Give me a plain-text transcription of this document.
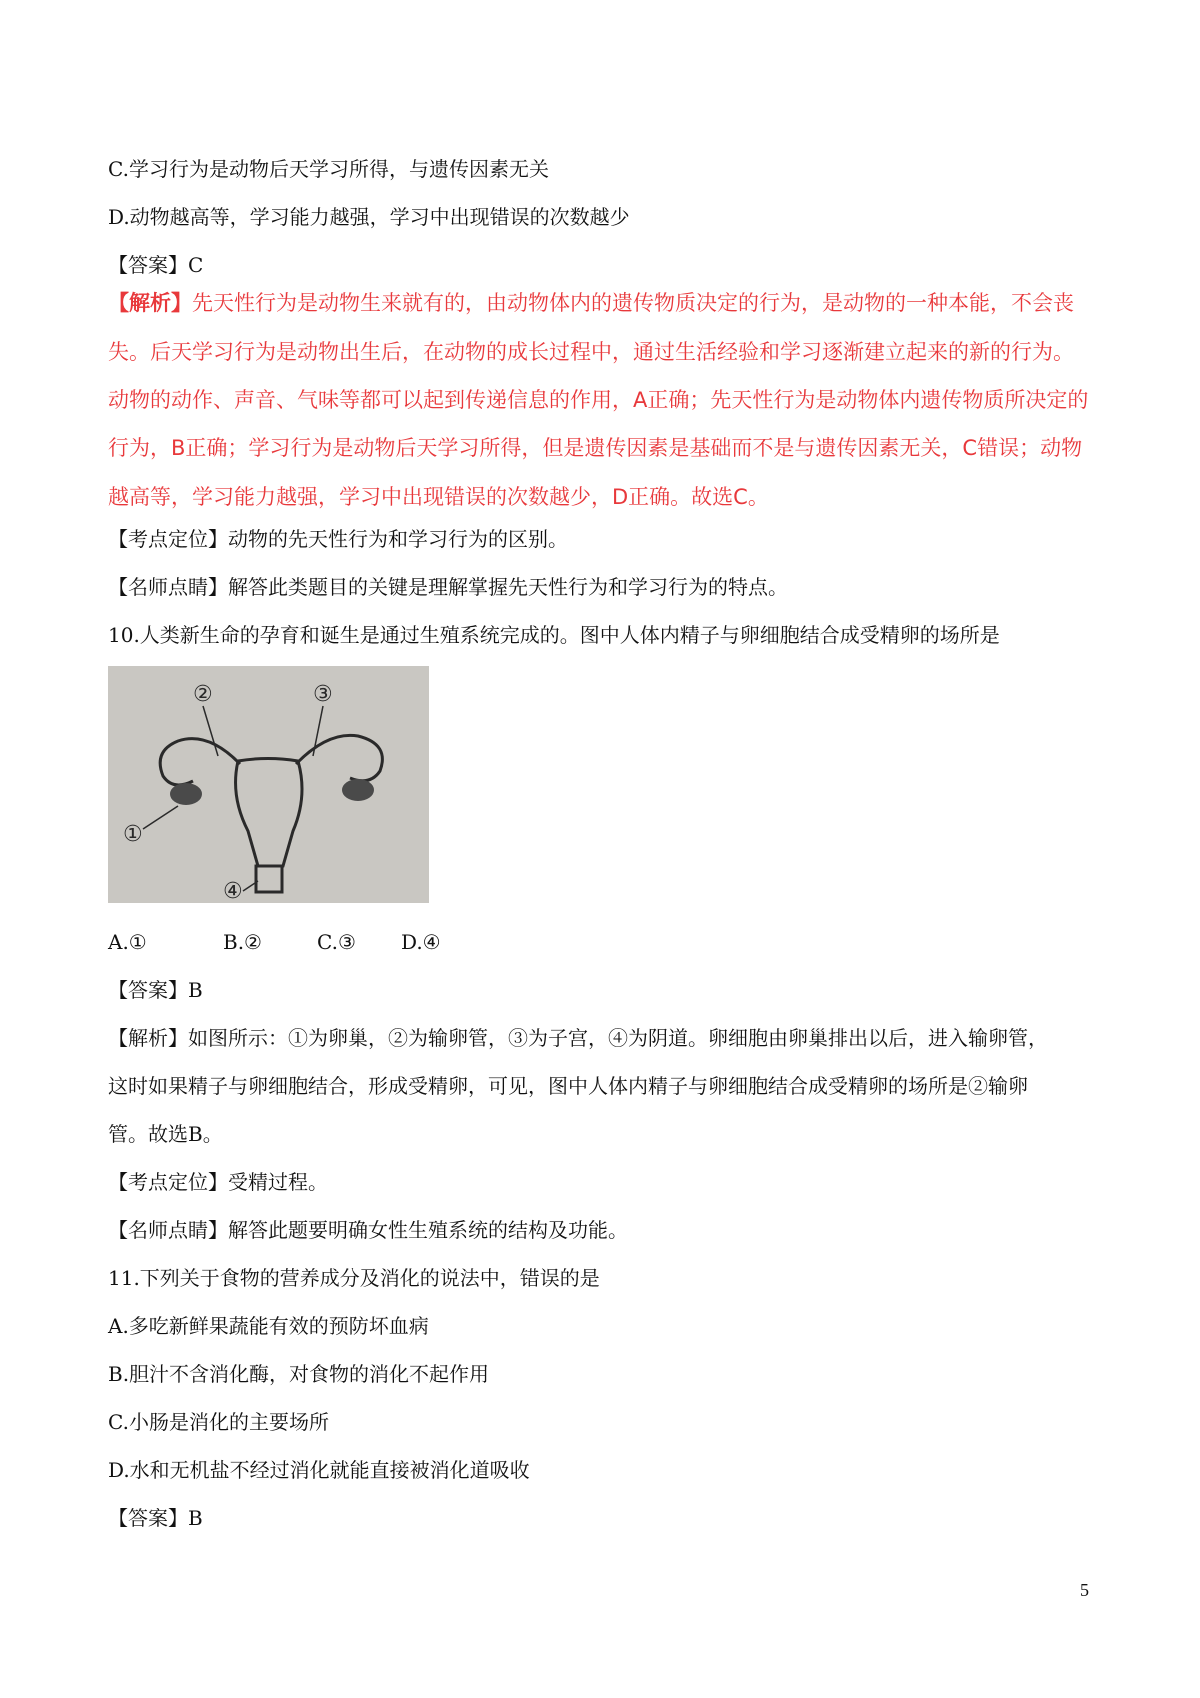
C.学习行为是动物后天学习所得，与遗传因素无关
D.动物越高等，学习能力越强，学习中出现错误的次数越少
【答案】C
【解析】先天性行为是动物生来就有的，由动物体内的遗传物质决定的行为，是动物的一种本能，不会丧
失。后天学习行为是动物出生后，在动物的成长过程中，通过生活经验和学习逐渐建立起来的新的行为。
动物的动作、声音、气味等都可以起到传递信息的作用，A正确；先天性行为是动物体内遗传物质所决定的
行为，B正确；学习行为是动物后天学习所得，但是遗传因素是基础而不是与遗传因素无关，C错误；动物
越高等，学习能力越强，学习中出现错误的次数越少，D正确。故选C。
【考点定位】动物的先天性行为和学习行为的区别。
【名师点睛】解答此类题目的关键是理解掌握先天性行为和学习行为的特点。
10.人类新生命的孕育和诞生是通过生殖系统完成的。图中人体内精子与卵细胞结合成受精卵的场所是
②	③
①
④
A.①	B.②	C.③ D.④
【答案】B
【解析】如图所示：①为卵巢，②为输卵管，③为子宫，④为阴道。卵细胞由卵巢排出以后，进入输卵管，
这时如果精子与卵细胞结合，形成受精卵，可见，图中人体内精子与卵细胞结合成受精卵的场所是②输卵
管。故选B。
【考点定位】受精过程。
【名师点睛】解答此题要明确女性生殖系统的结构及功能。
11.下列关于食物的营养成分及消化的说法中，错误的是
A.多吃新鲜果蔬能有效的预防坏血病
B.胆汁不含消化酶，对食物的消化不起作用
C.小肠是消化的主要场所
D.水和无机盐不经过消化就能直接被消化道吸收
【答案】B
5
